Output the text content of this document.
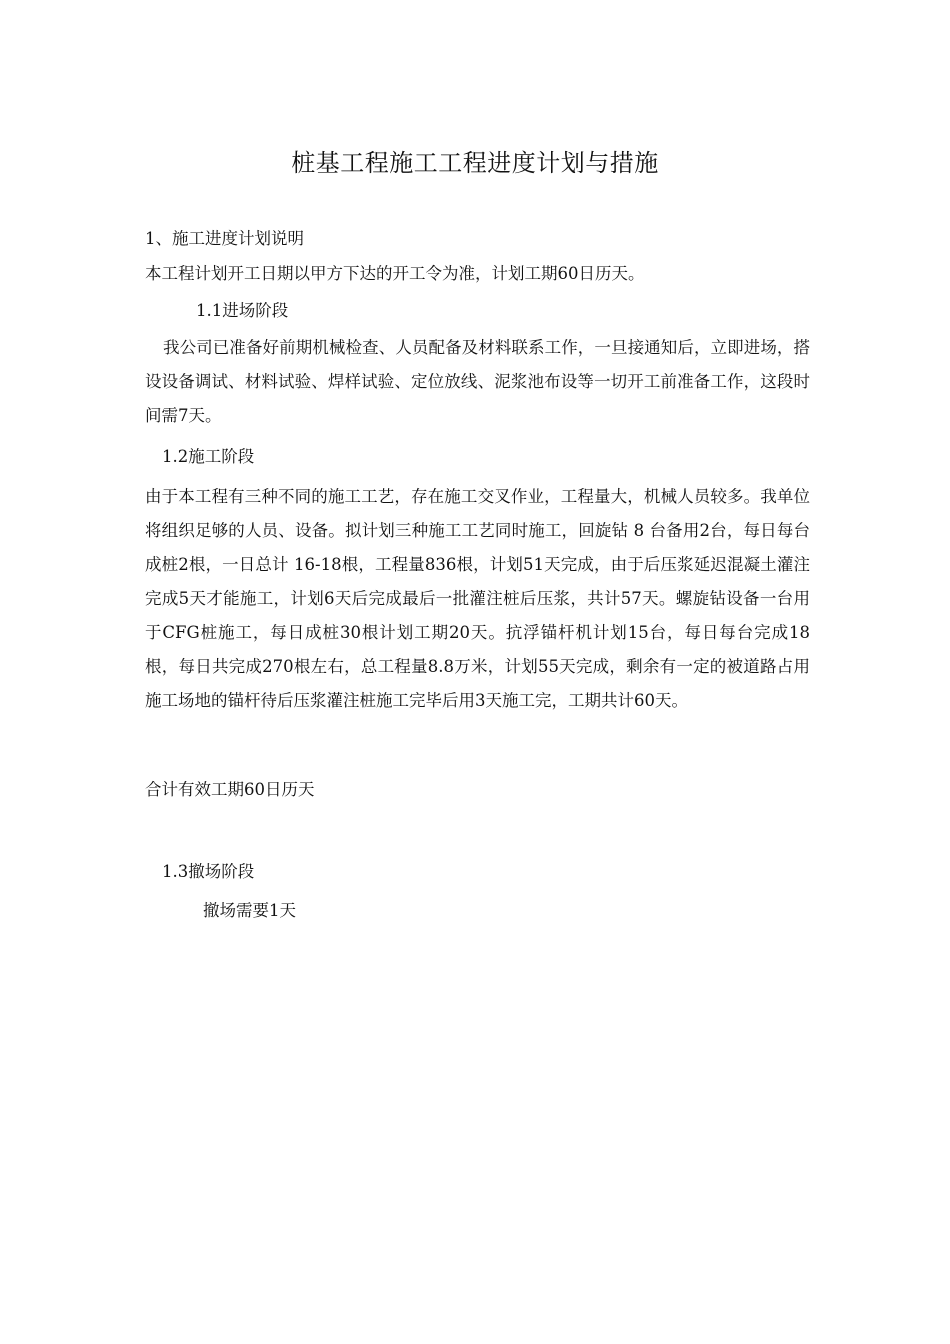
桩基工程施工工程进度计划与措施

1、施工进度计划说明

本工程计划开工日期以甲方下达的开工令为准，计划工期60日历天。

1.1进场阶段

我公司已准备好前期机械检查、人员配备及材料联系工作，一旦接通知后，立即进场，搭设设备调试、材料试验、焊样试验、定位放线、泥浆池布设等一切开工前准备工作，这段时间需7天。

1.2施工阶段

由于本工程有三种不同的施工工艺，存在施工交叉作业，工程量大，机械人员较多。我单位将组织足够的人员、设备。拟计划三种施工工艺同时施工，回旋钻 8 台备用2台，每日每台成桩2根，一日总计 16-18根，工程量836根，计划51天完成，由于后压浆延迟混凝土灌注完成5天才能施工，计划6天后完成最后一批灌注桩后压浆，共计57天。螺旋钻设备一台用于CFG桩施工，每日成桩30根计划工期20天。抗浮锚杆机计划15台，每日每台完成18根，每日共完成270根左右，总工程量8.8万米，计划55天完成，剩余有一定的被道路占用施工场地的锚杆待后压浆灌注桩施工完毕后用3天施工完，工期共计60天。

合计有效工期60日历天

1.3撤场阶段

撤场需要1天
